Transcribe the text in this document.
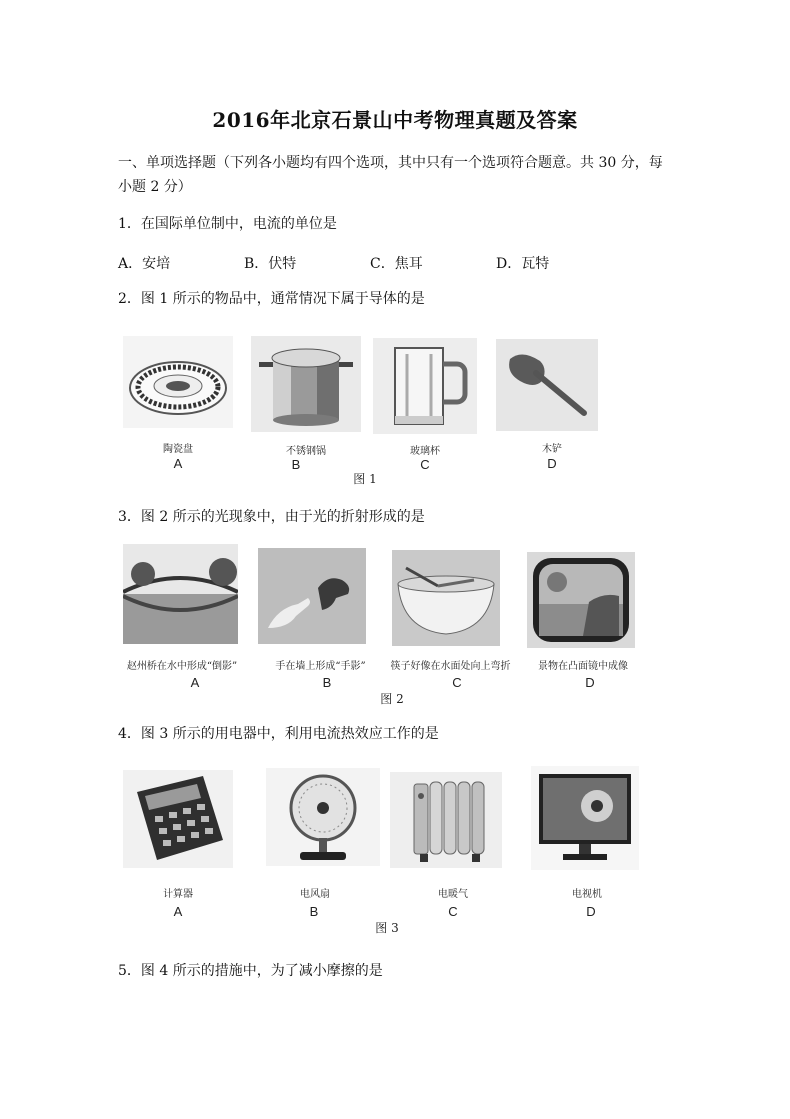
2016年北京石景山中考物理真题及答案
一、单项选择题（下列各小题均有四个选项，其中只有一个选项符合题意。共 30 分，每
小题 2 分）
1．在国际单位制中，电流的单位是
A．安培	B．伏特	C．焦耳	D．瓦特
2．图 1 所示的物品中，通常情况下属于导体的是
陶瓷盘
A
不锈钢锅
B
玻璃杯
C
木铲
D
图 1
3．图 2 所示的光现象中，由于光的折射形成的是
赵州桥在水中形成“倒影”
A
手在墙上形成“手影”
B
筷子好像在水面处向上弯折
C
景物在凸面镜中成像
D
图 2
4．图 3 所示的用电器中，利用电流热效应工作的是
计算器
A
电风扇
B
电暖气
C
电视机
D
图 3
5．图 4 所示的措施中，为了减小摩擦的是
